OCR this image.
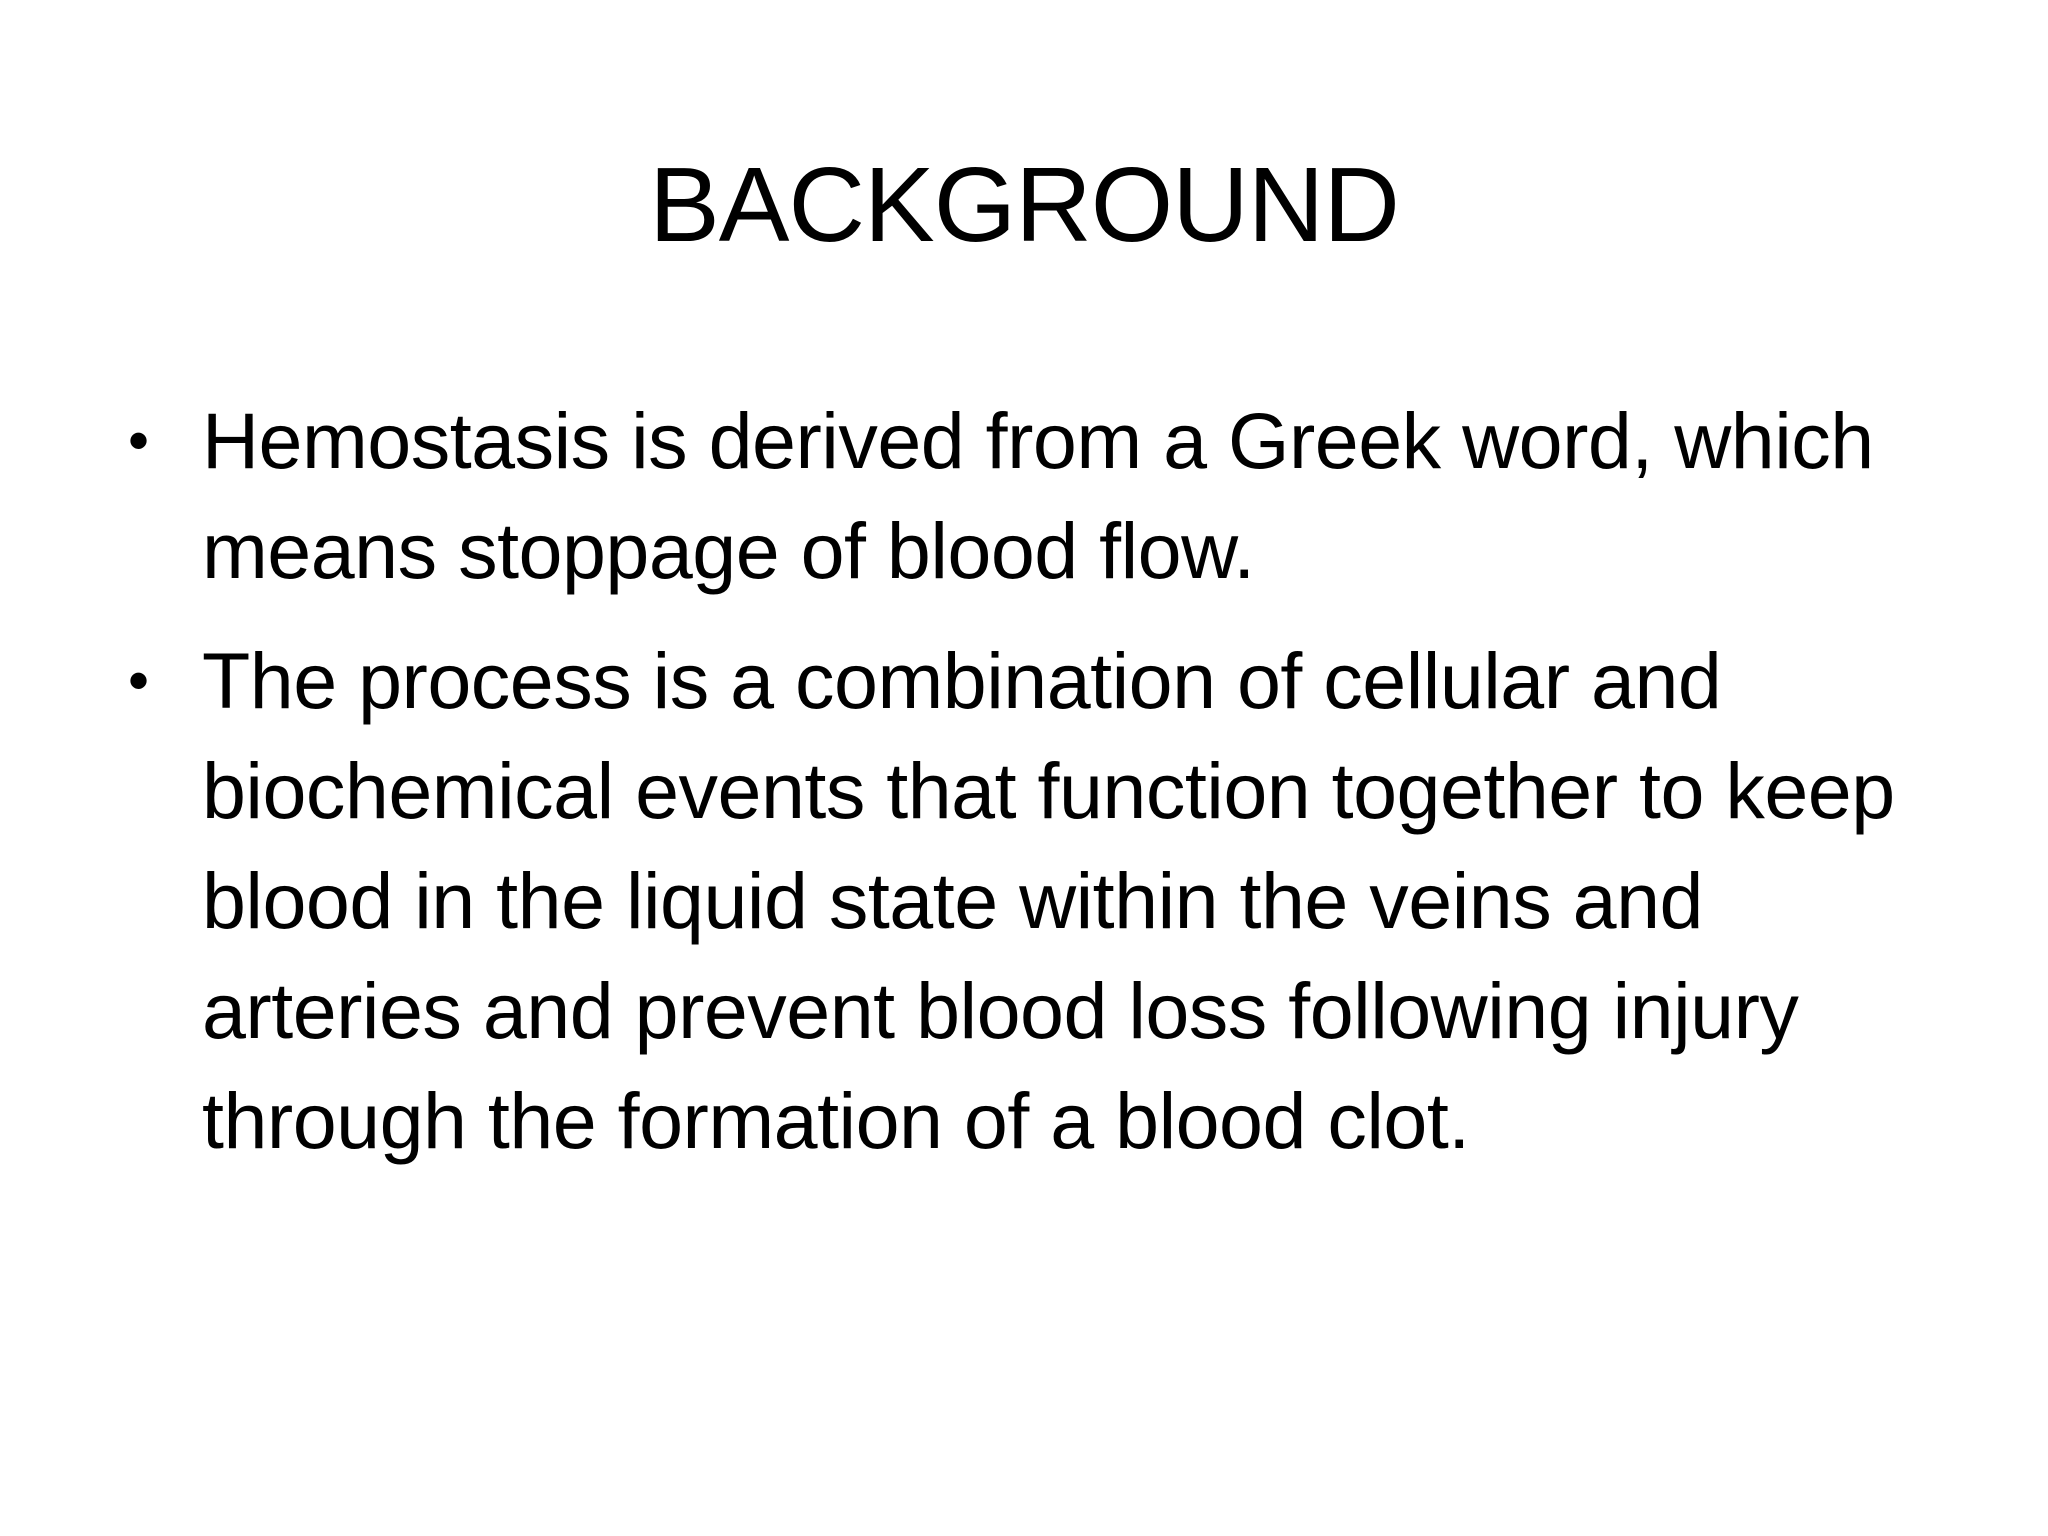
BACKGROUND
• Hemostasis is derived from a Greek word, which means stoppage of blood flow.
• The process is a combination of cellular and biochemical events that function together to keep blood in the liquid state within the veins and arteries and prevent blood loss following injury through the formation of a blood clot.
